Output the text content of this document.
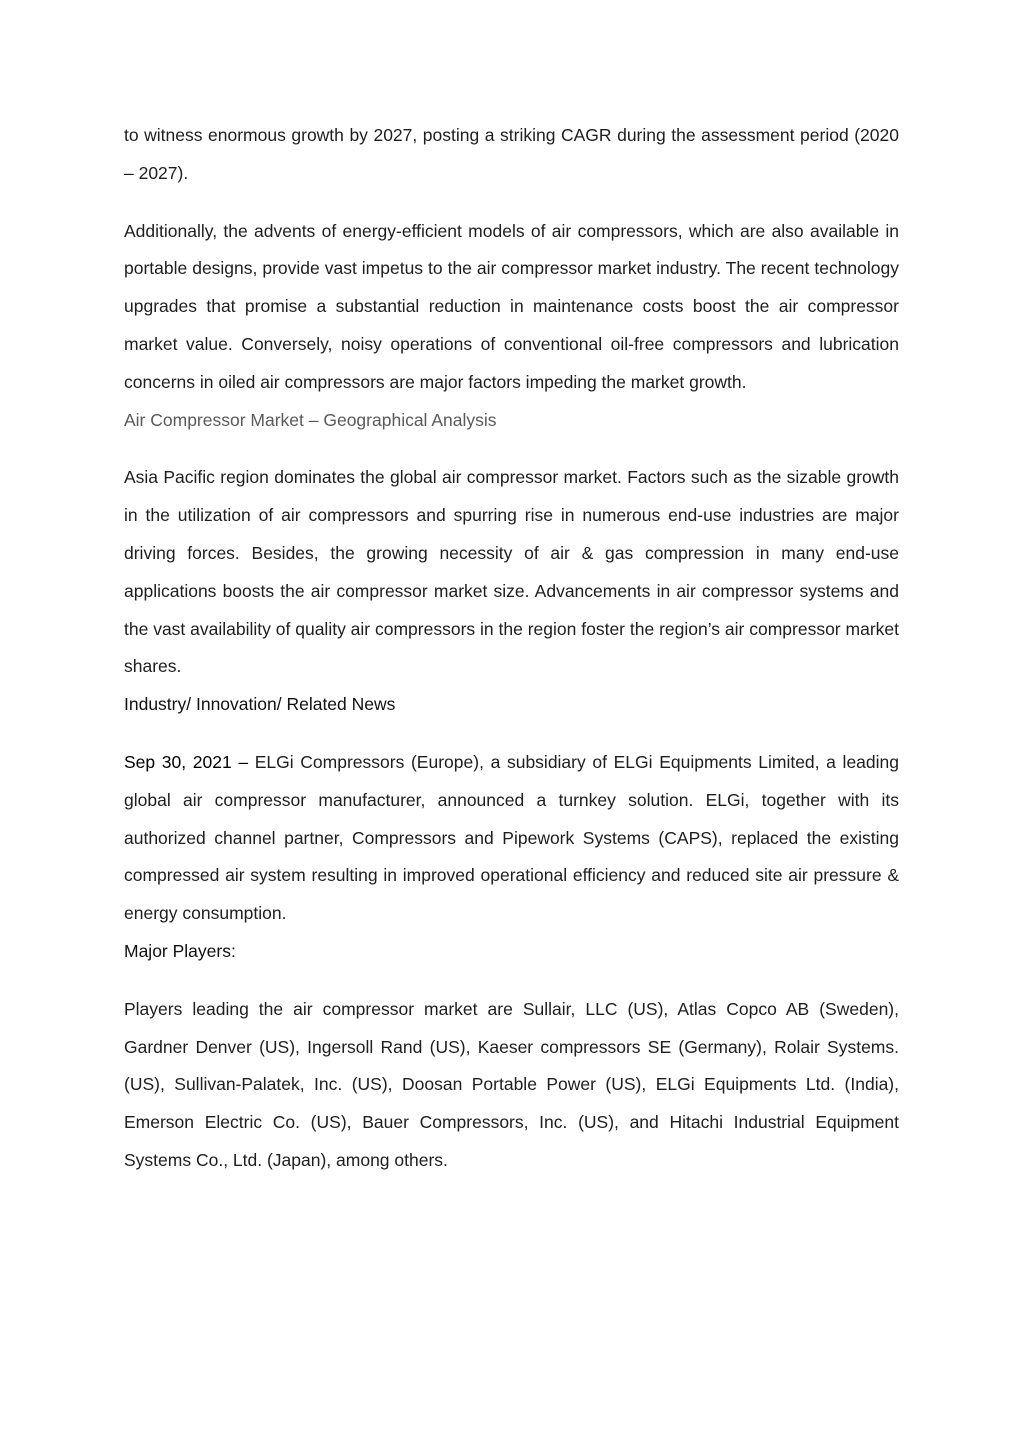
to witness enormous growth by 2027, posting a striking CAGR during the assessment period (2020 – 2027).

Additionally, the advents of energy-efficient models of air compressors, which are also available in portable designs, provide vast impetus to the air compressor market industry. The recent technology upgrades that promise a substantial reduction in maintenance costs boost the air compressor market value. Conversely, noisy operations of conventional oil-free compressors and lubrication concerns in oiled air compressors are major factors impeding the market growth.

Air Compressor Market – Geographical Analysis

Asia Pacific region dominates the global air compressor market. Factors such as the sizable growth in the utilization of air compressors and spurring rise in numerous end-use industries are major driving forces. Besides, the growing necessity of air & gas compression in many end-use applications boosts the air compressor market size. Advancements in air compressor systems and the vast availability of quality air compressors in the region foster the region’s air compressor market shares.

Industry/ Innovation/ Related News

Sep 30, 2021 – ELGi Compressors (Europe), a subsidiary of ELGi Equipments Limited, a leading global air compressor manufacturer, announced a turnkey solution. ELGi, together with its authorized channel partner, Compressors and Pipework Systems (CAPS), replaced the existing compressed air system resulting in improved operational efficiency and reduced site air pressure & energy consumption.

Major Players:

Players leading the air compressor market are Sullair, LLC (US), Atlas Copco AB (Sweden), Gardner Denver (US), Ingersoll Rand (US), Kaeser compressors SE (Germany), Rolair Systems. (US), Sullivan-Palatek, Inc. (US), Doosan Portable Power (US), ELGi Equipments Ltd. (India), Emerson Electric Co. (US), Bauer Compressors, Inc. (US), and Hitachi Industrial Equipment Systems Co., Ltd. (Japan), among others.
